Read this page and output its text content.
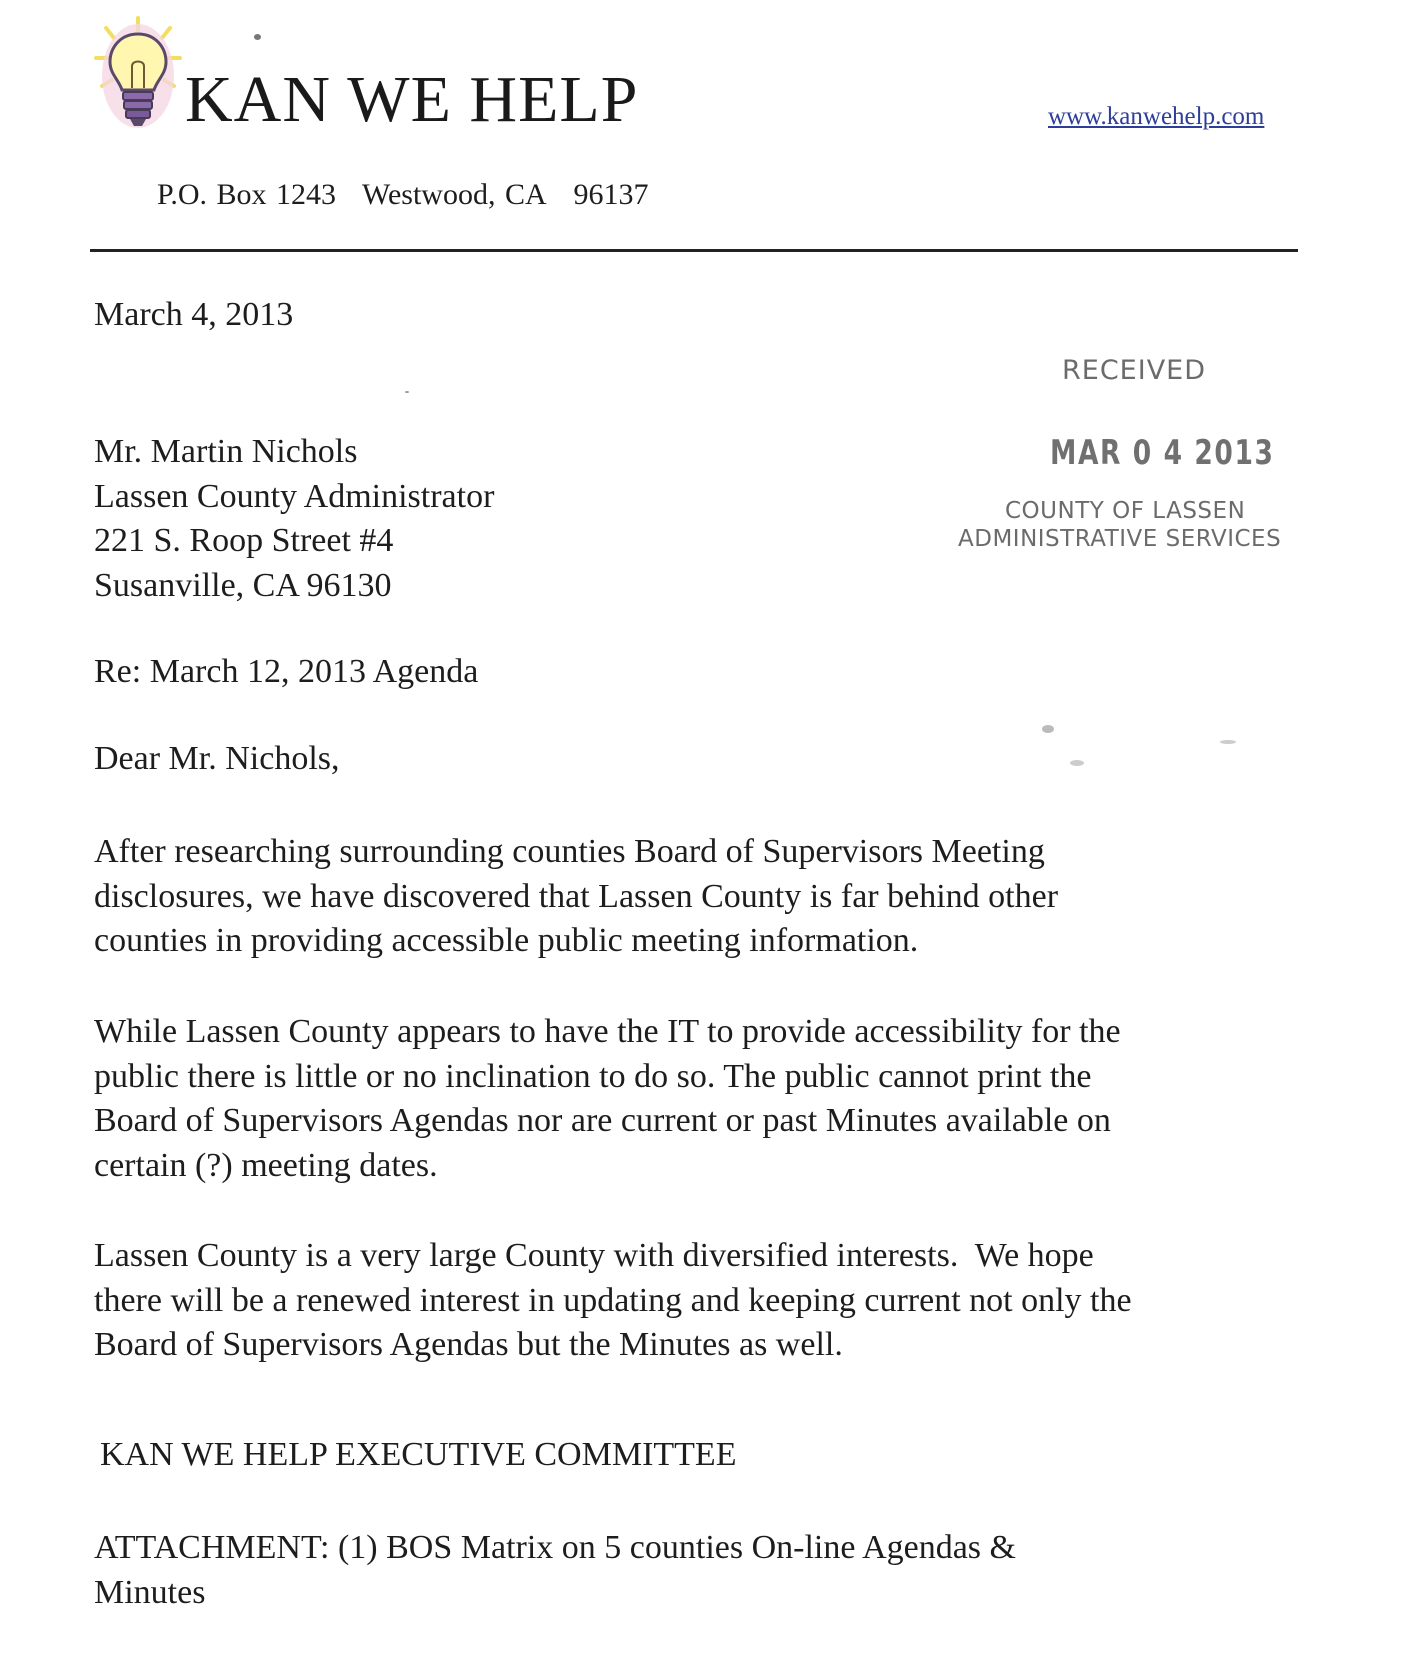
KAN WE HELP	www.kanwehelp.com
P.O. Box 1243 Westwood, CA   96137
March 4, 2013
RECEIVED
MAR 0 4 2013
COUNTY OF LASSEN
ADMINISTRATIVE SERVICES
Mr. Martin Nichols
Lassen County Administrator
221 S. Roop Street #4
Susanville, CA 96130
Re: March 12, 2013 Agenda
Dear Mr. Nichols,
After researching surrounding counties Board of Supervisors Meeting
disclosures, we have discovered that Lassen County is far behind other
counties in providing accessible public meeting information.
While Lassen County appears to have the IT to provide accessibility for the
public there is little or no inclination to do so. The public cannot print the
Board of Supervisors Agendas nor are current or past Minutes available on
certain (?) meeting dates.
Lassen County is a very large County with diversified interests.  We hope
there will be a renewed interest in updating and keeping current not only the
Board of Supervisors Agendas but the Minutes as well.
KAN WE HELP EXECUTIVE COMMITTEE
ATTACHMENT: (1) BOS Matrix on 5 counties On-line Agendas &
Minutes
